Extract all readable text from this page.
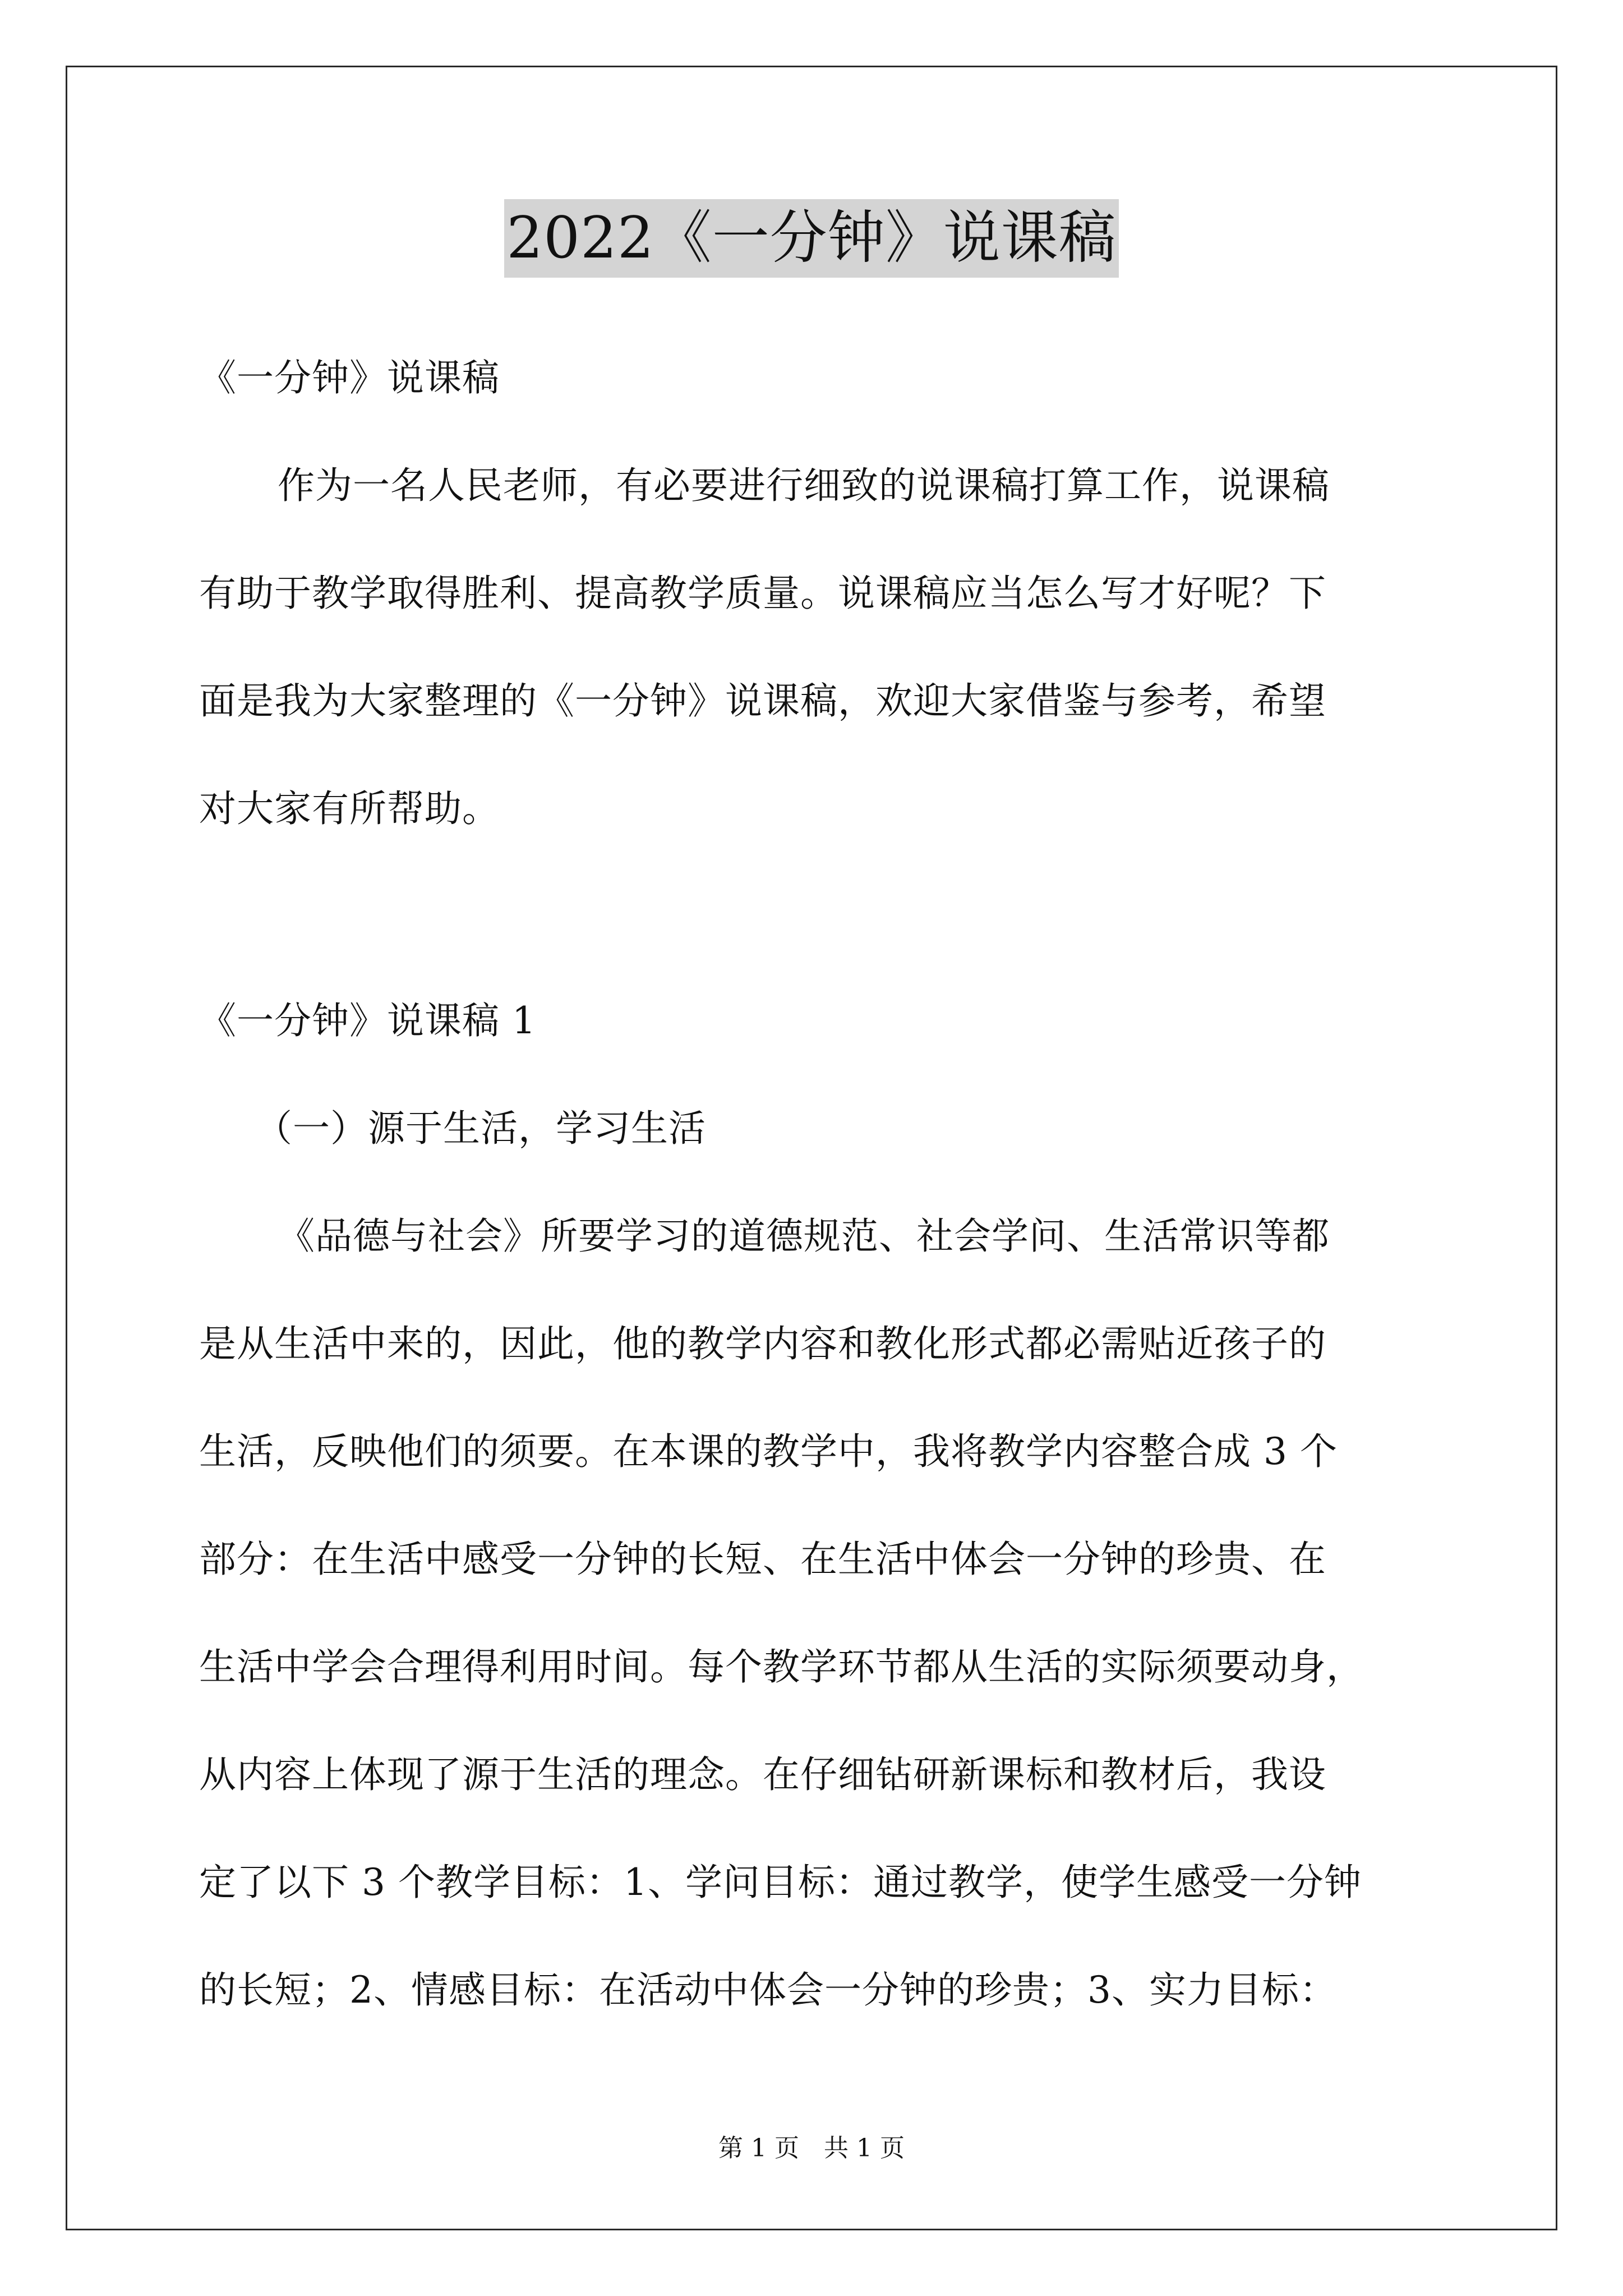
2022《一分钟》说课稿

《一分钟》说课稿

作为一名人民老师，有必要进行细致的说课稿打算工作，说课稿

有助于教学取得胜利、提高教学质量。说课稿应当怎么写才好呢？下

面是我为大家整理的《一分钟》说课稿，欢迎大家借鉴与参考，希望

对大家有所帮助。

《一分钟》说课稿 1

（一）源于生活，学习生活

《品德与社会》所要学习的道德规范、社会学问、生活常识等都

是从生活中来的，因此，他的教学内容和教化形式都必需贴近孩子的

生活，反映他们的须要。在本课的教学中，我将教学内容整合成 3 个

部分：在生活中感受一分钟的长短、在生活中体会一分钟的珍贵、在

生活中学会合理得利用时间。每个教学环节都从生活的实际须要动身，

从内容上体现了源于生活的理念。在仔细钻研新课标和教材后，我设

定了以下 3 个教学目标：1、学问目标：通过教学，使学生感受一分钟

的长短；2、情感目标：在活动中体会一分钟的珍贵；3、实力目标：

第 1 页　共 1 页
